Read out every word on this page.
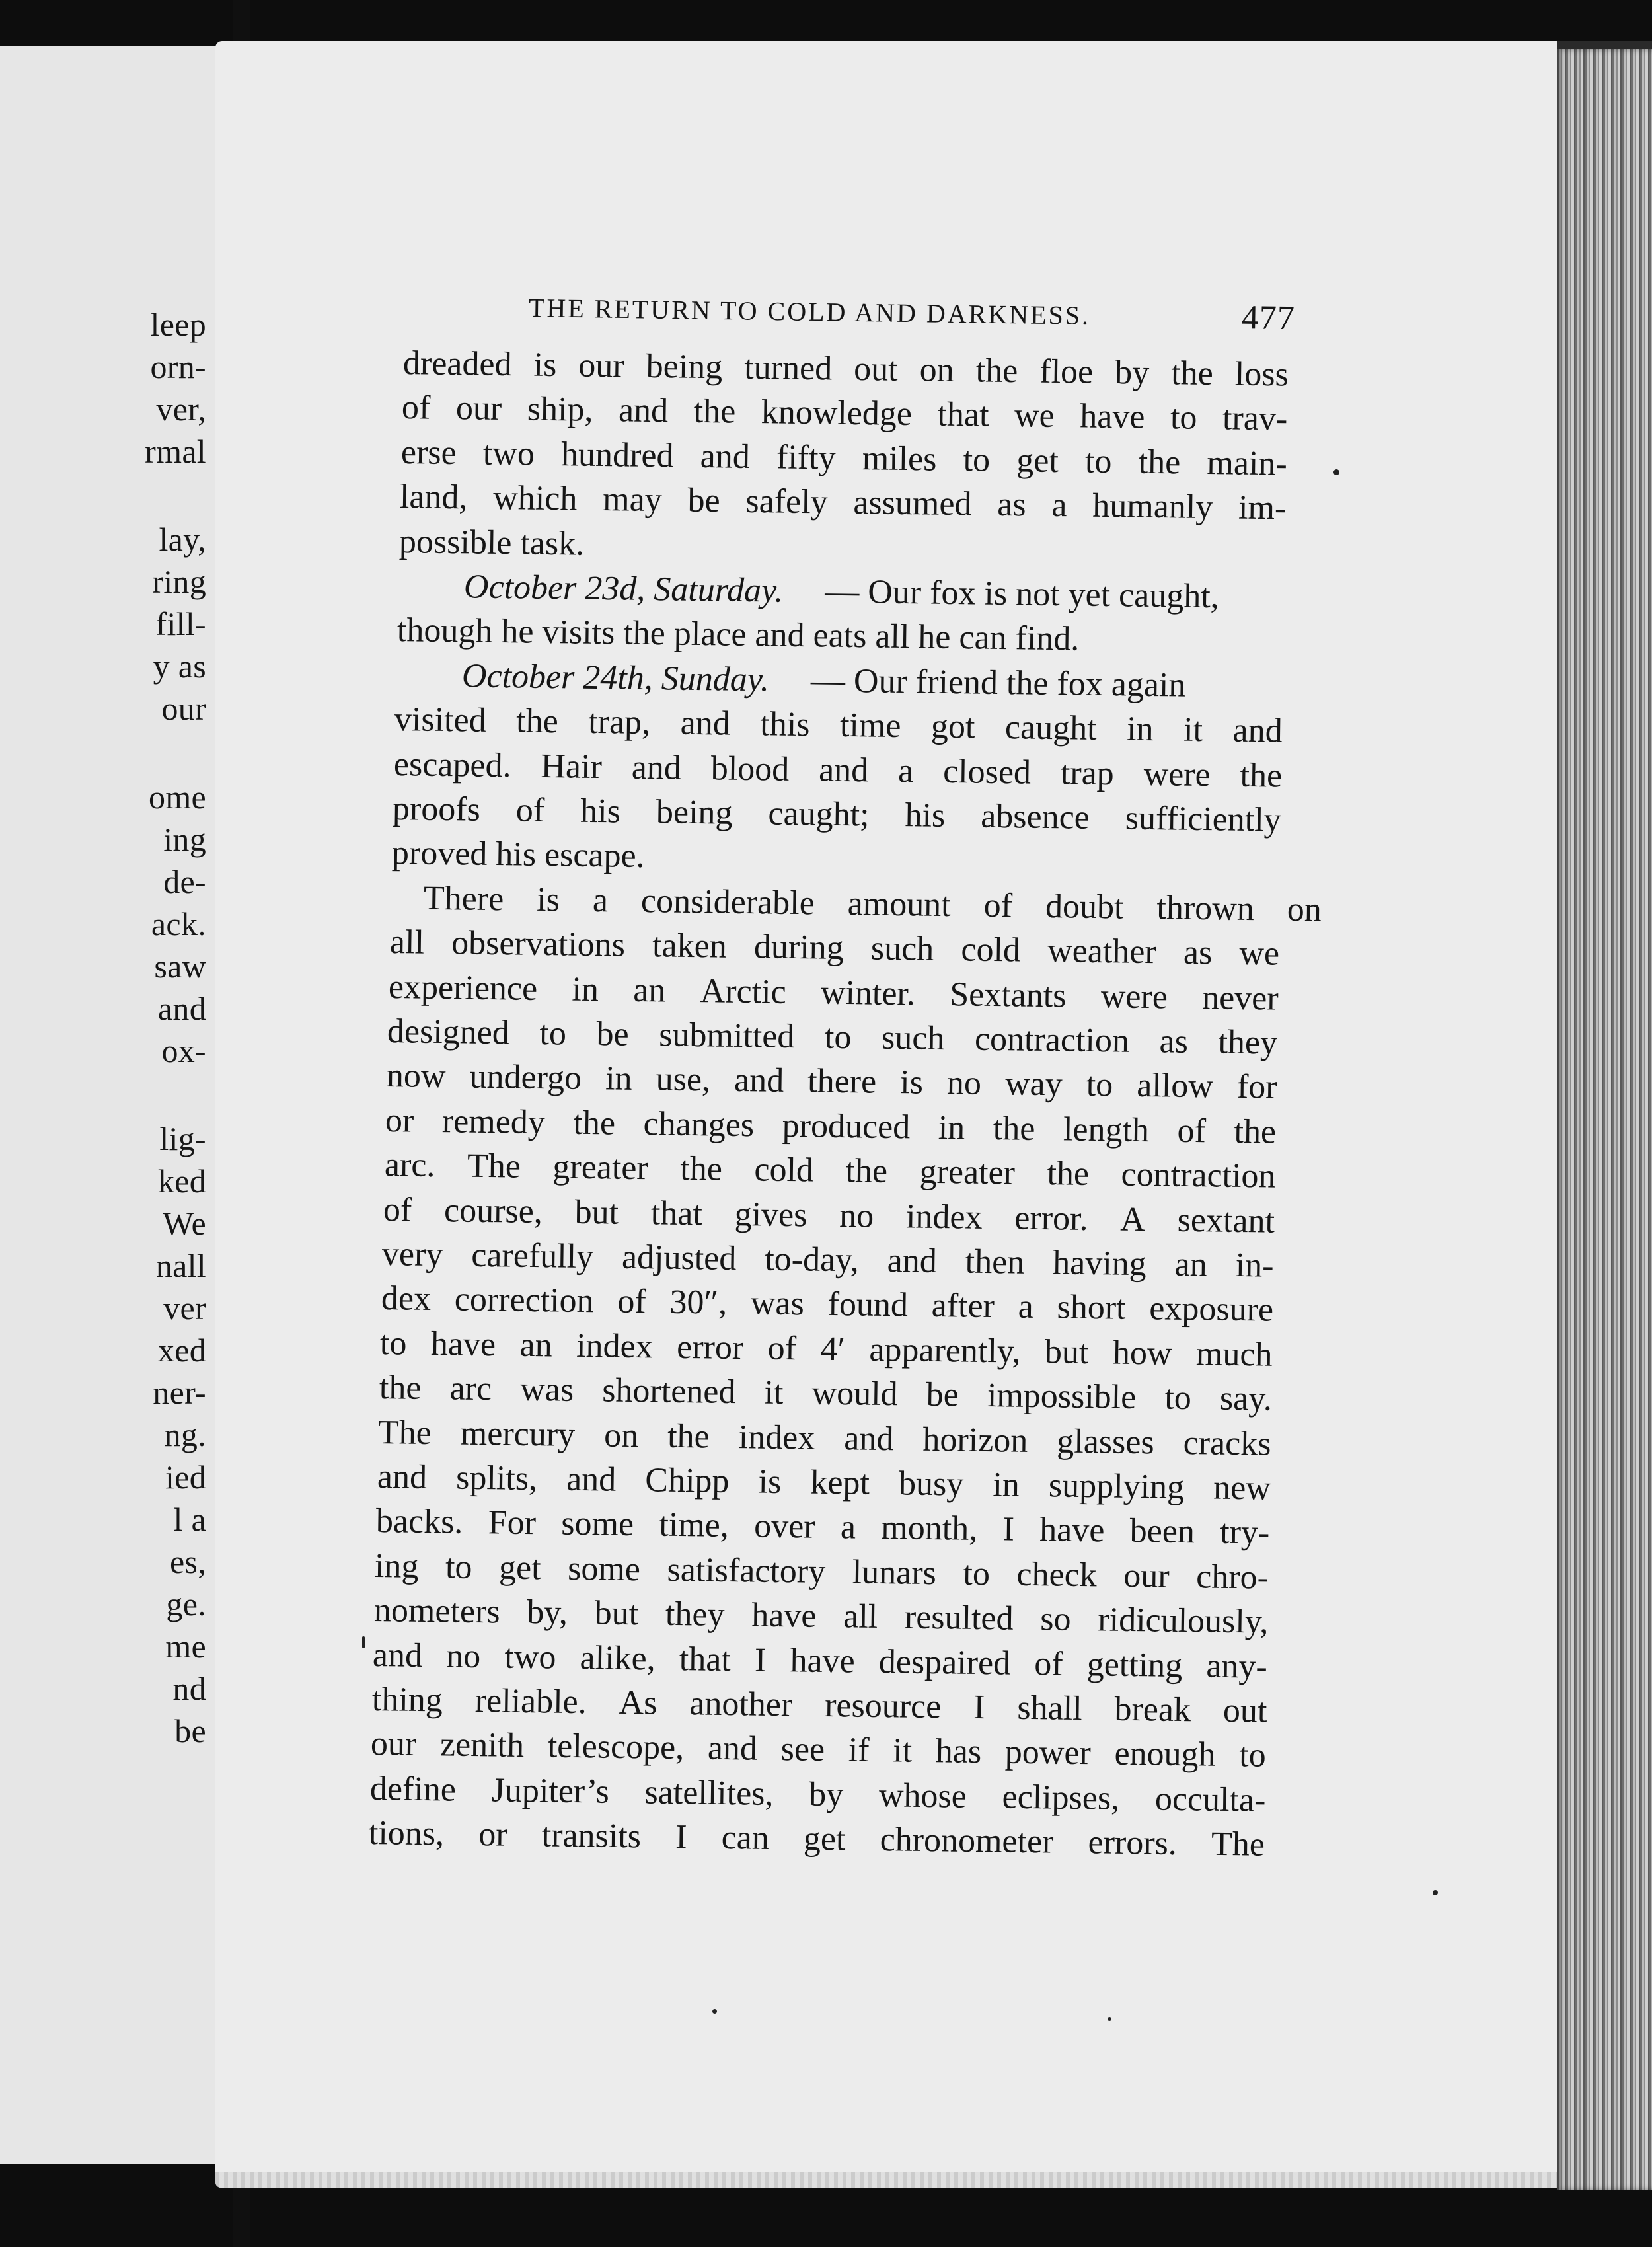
leep
orn-
ver,
rmal
lay,
ring
fill-
y as
our
ome
ing
de-
ack.
saw
and
ox-
lig-
ked
We
nall
ver
xed
ner-
ng.
ied
l a
es,
ge.
me
nd
be
THE RETURN TO COLD AND DARKNESS.	477
dreaded is our being turned out on the floe by the loss
of our ship, and the knowledge that we have to trav-
erse two hundred and fifty miles to get to the main-
land, which may be safely assumed as a humanly im-
possible task.
October 23d, Saturday. — Our fox is not yet caught,
though he visits the place and eats all he can find.
October 24th, Sunday. — Our friend the fox again
visited the trap, and this time got caught in it and
escaped. Hair and blood and a closed trap were the
proofs of his being caught; his absence sufficiently
proved his escape.
There is a considerable amount of doubt thrown on
all observations taken during such cold weather as we
experience in an Arctic winter. Sextants were never
designed to be submitted to such contraction as they
now undergo in use, and there is no way to allow for
or remedy the changes produced in the length of the
arc. The greater the cold the greater the contraction
of course, but that gives no index error. A sextant
very carefully adjusted to-day, and then having an in-
dex correction of 30″, was found after a short exposure
to have an index error of 4′ apparently, but how much
the arc was shortened it would be impossible to say.
The mercury on the index and horizon glasses cracks
and splits, and Chipp is kept busy in supplying new
backs. For some time, over a month, I have been try-
ing to get some satisfactory lunars to check our chro-
nometers by, but they have all resulted so ridiculously,
and no two alike, that I have despaired of getting any-
thing reliable. As another resource I shall break out
our zenith telescope, and see if it has power enough to
define Jupiter’s satellites, by whose eclipses, occulta-
tions, or transits I can get chronometer errors. The
